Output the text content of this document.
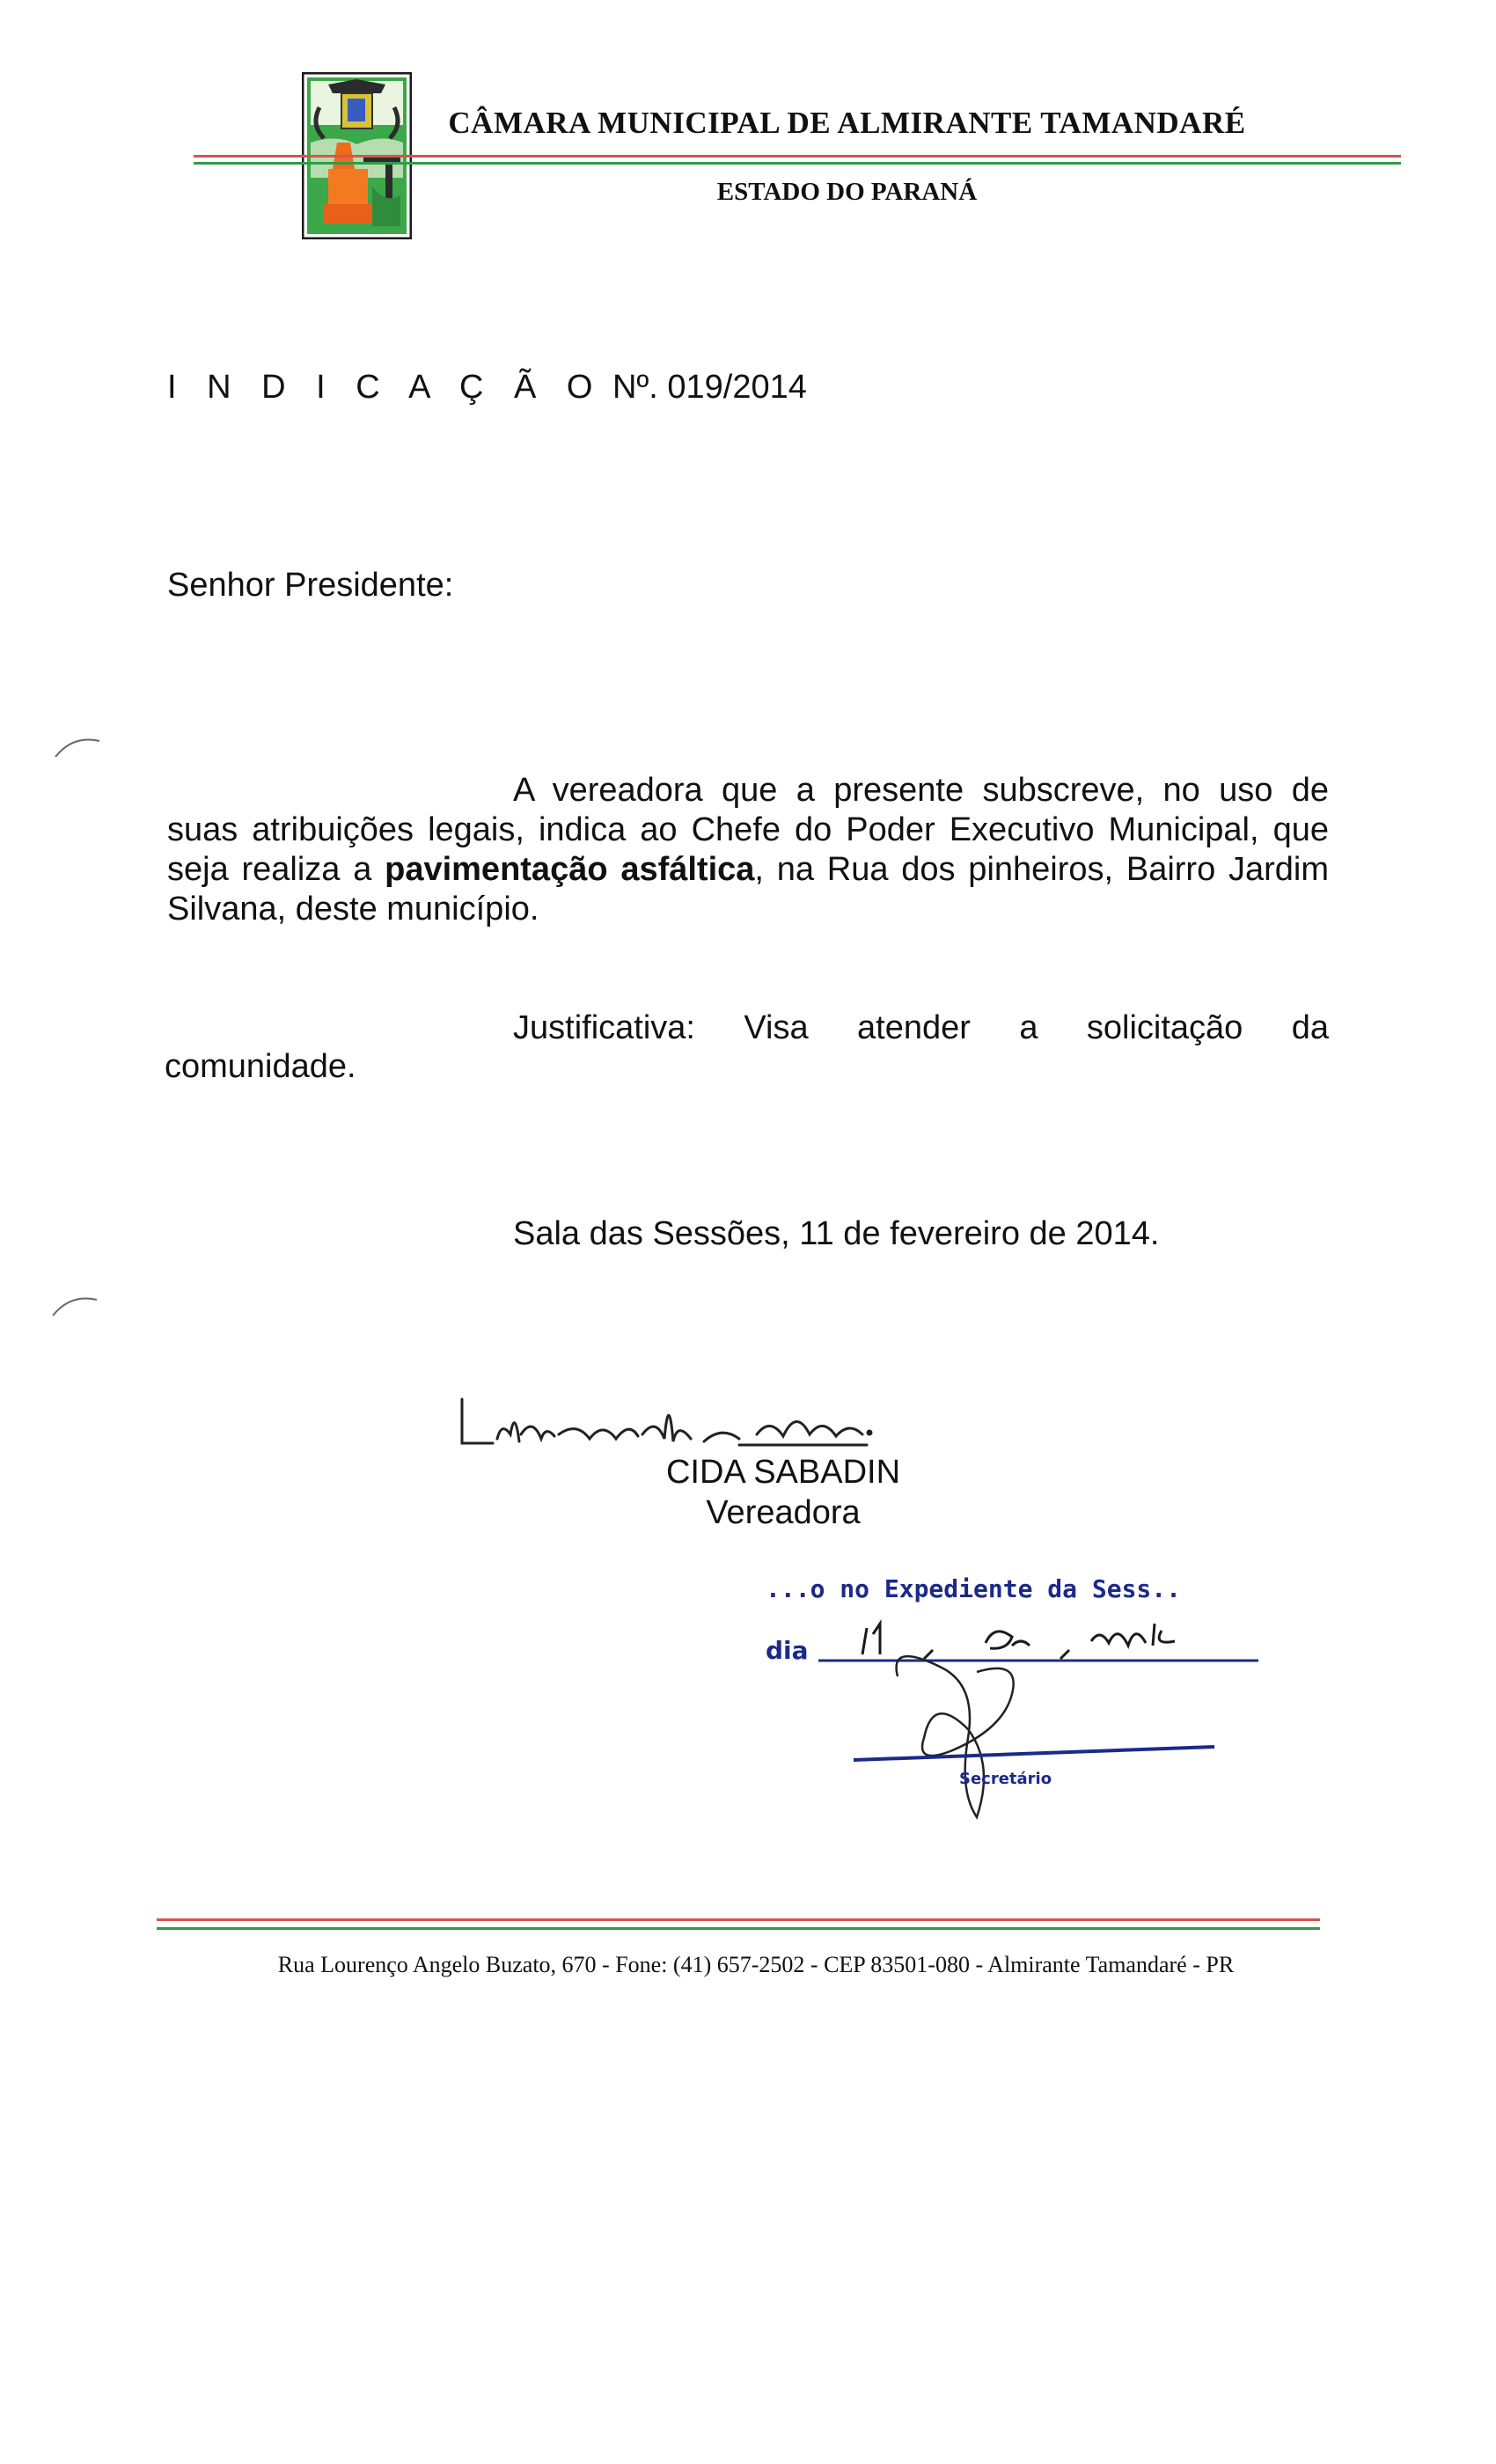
CÂMARA MUNICIPAL DE ALMIRANTE TAMANDARÉ
ESTADO DO PARANÁ
I N D I C A Ç Ã O Nº. 019/2014
Senhor Presidente:
A vereadora que a presente subscreve, no uso de suas atribuições legais, indica ao Chefe do Poder Executivo Municipal, que seja realiza a pavimentação asfáltica, na Rua dos pinheiros, Bairro Jardim Silvana, deste município.
Justificativa: Visa atender a solicitação da
comunidade.
Sala das Sessões, 11 de fevereiro de 2014.
CIDA SABADIN
Vereadora
...o no Expediente da Sess..
dia
Secretário
Rua Lourenço Angelo Buzato, 670 - Fone: (41) 657-2502 - CEP 83501-080 - Almirante Tamandaré - PR
